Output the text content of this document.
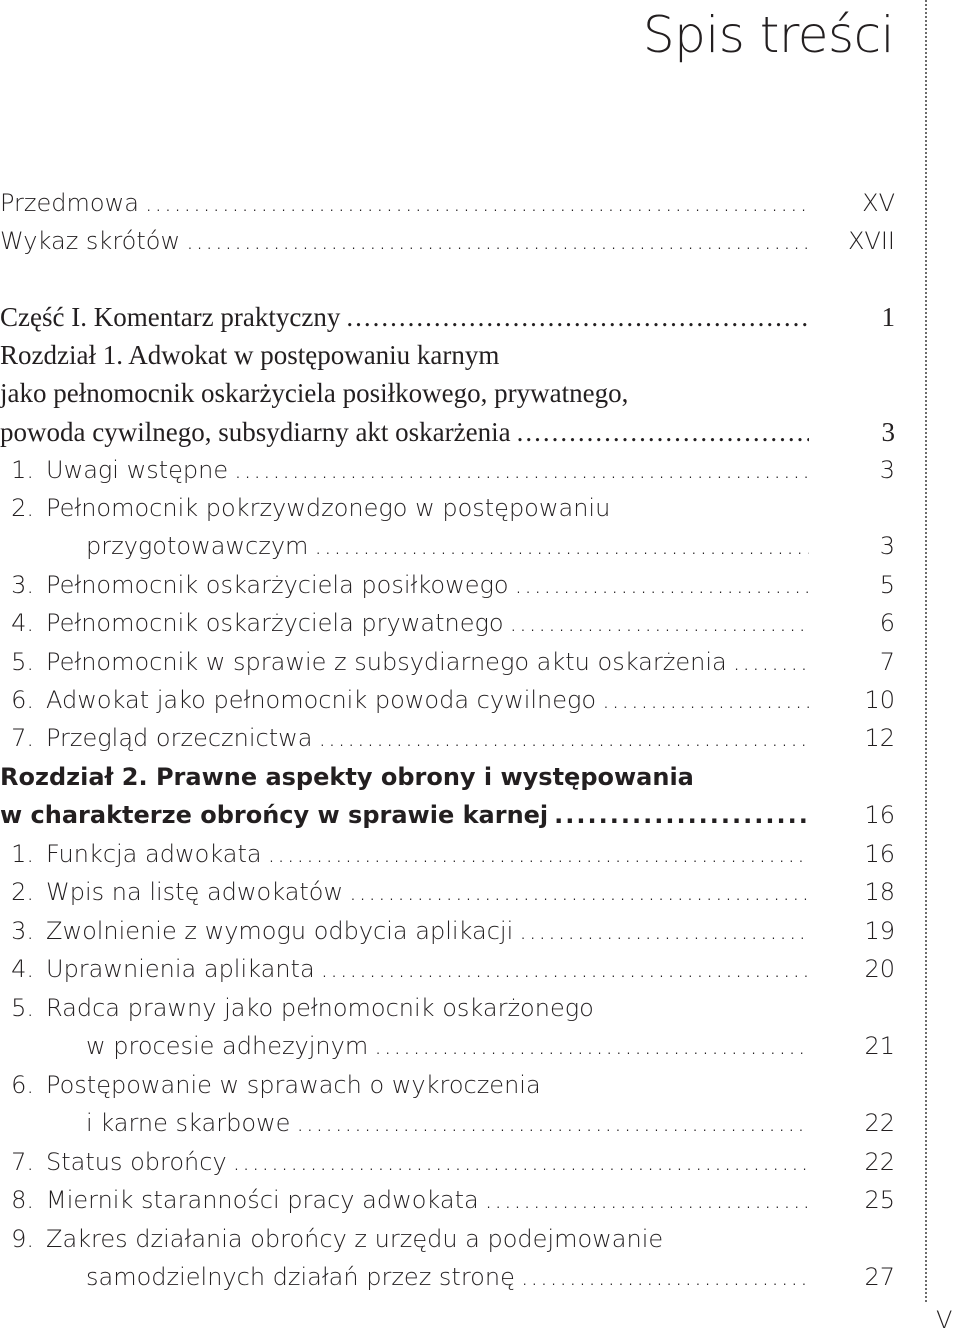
Spis treści
V
Przedmowa .....	XV
Wykaz skrótów .....	XVII
Część I. Komentarz praktyczny .....	1
Rozdział 1. Adwokat w postępowaniu karnym
jako pełnomocnik oskarżyciela posiłkowego, prywatnego,
powoda cywilnego, subsydiarny akt oskarżenia .....	3
1. Uwagi wstępne .....	3
2. Pełnomocnik pokrzywdzonego w postępowaniu
przygotowawczym .....	3
3. Pełnomocnik oskarżyciela posiłkowego .....	5
4. Pełnomocnik oskarżyciela prywatnego .....	6
5. Pełnomocnik w sprawie z subsydiarnego aktu oskarżenia .....	7
6. Adwokat jako pełnomocnik powoda cywilnego .....	10
7. Przegląd orzecznictwa .....	12
Rozdział 2. Prawne aspekty obrony i występowania
w charakterze obrońcy w sprawie karnej .....	16
1. Funkcja adwokata .....	16
2. Wpis na listę adwokatów .....	18
3. Zwolnienie z wymogu odbycia aplikacji .....	19
4. Uprawnienia aplikanta .....	20
5. Radca prawny jako pełnomocnik oskarżonego
w procesie adhezyjnym .....	21
6. Postępowanie w sprawach o wykroczenia
i karne skarbowe .....	22
7. Status obrońcy .....	22
8. Miernik staranności pracy adwokata .....	25
9. Zakres działania obrońcy z urzędu a podejmowanie
samodzielnych działań przez stronę .....	27
